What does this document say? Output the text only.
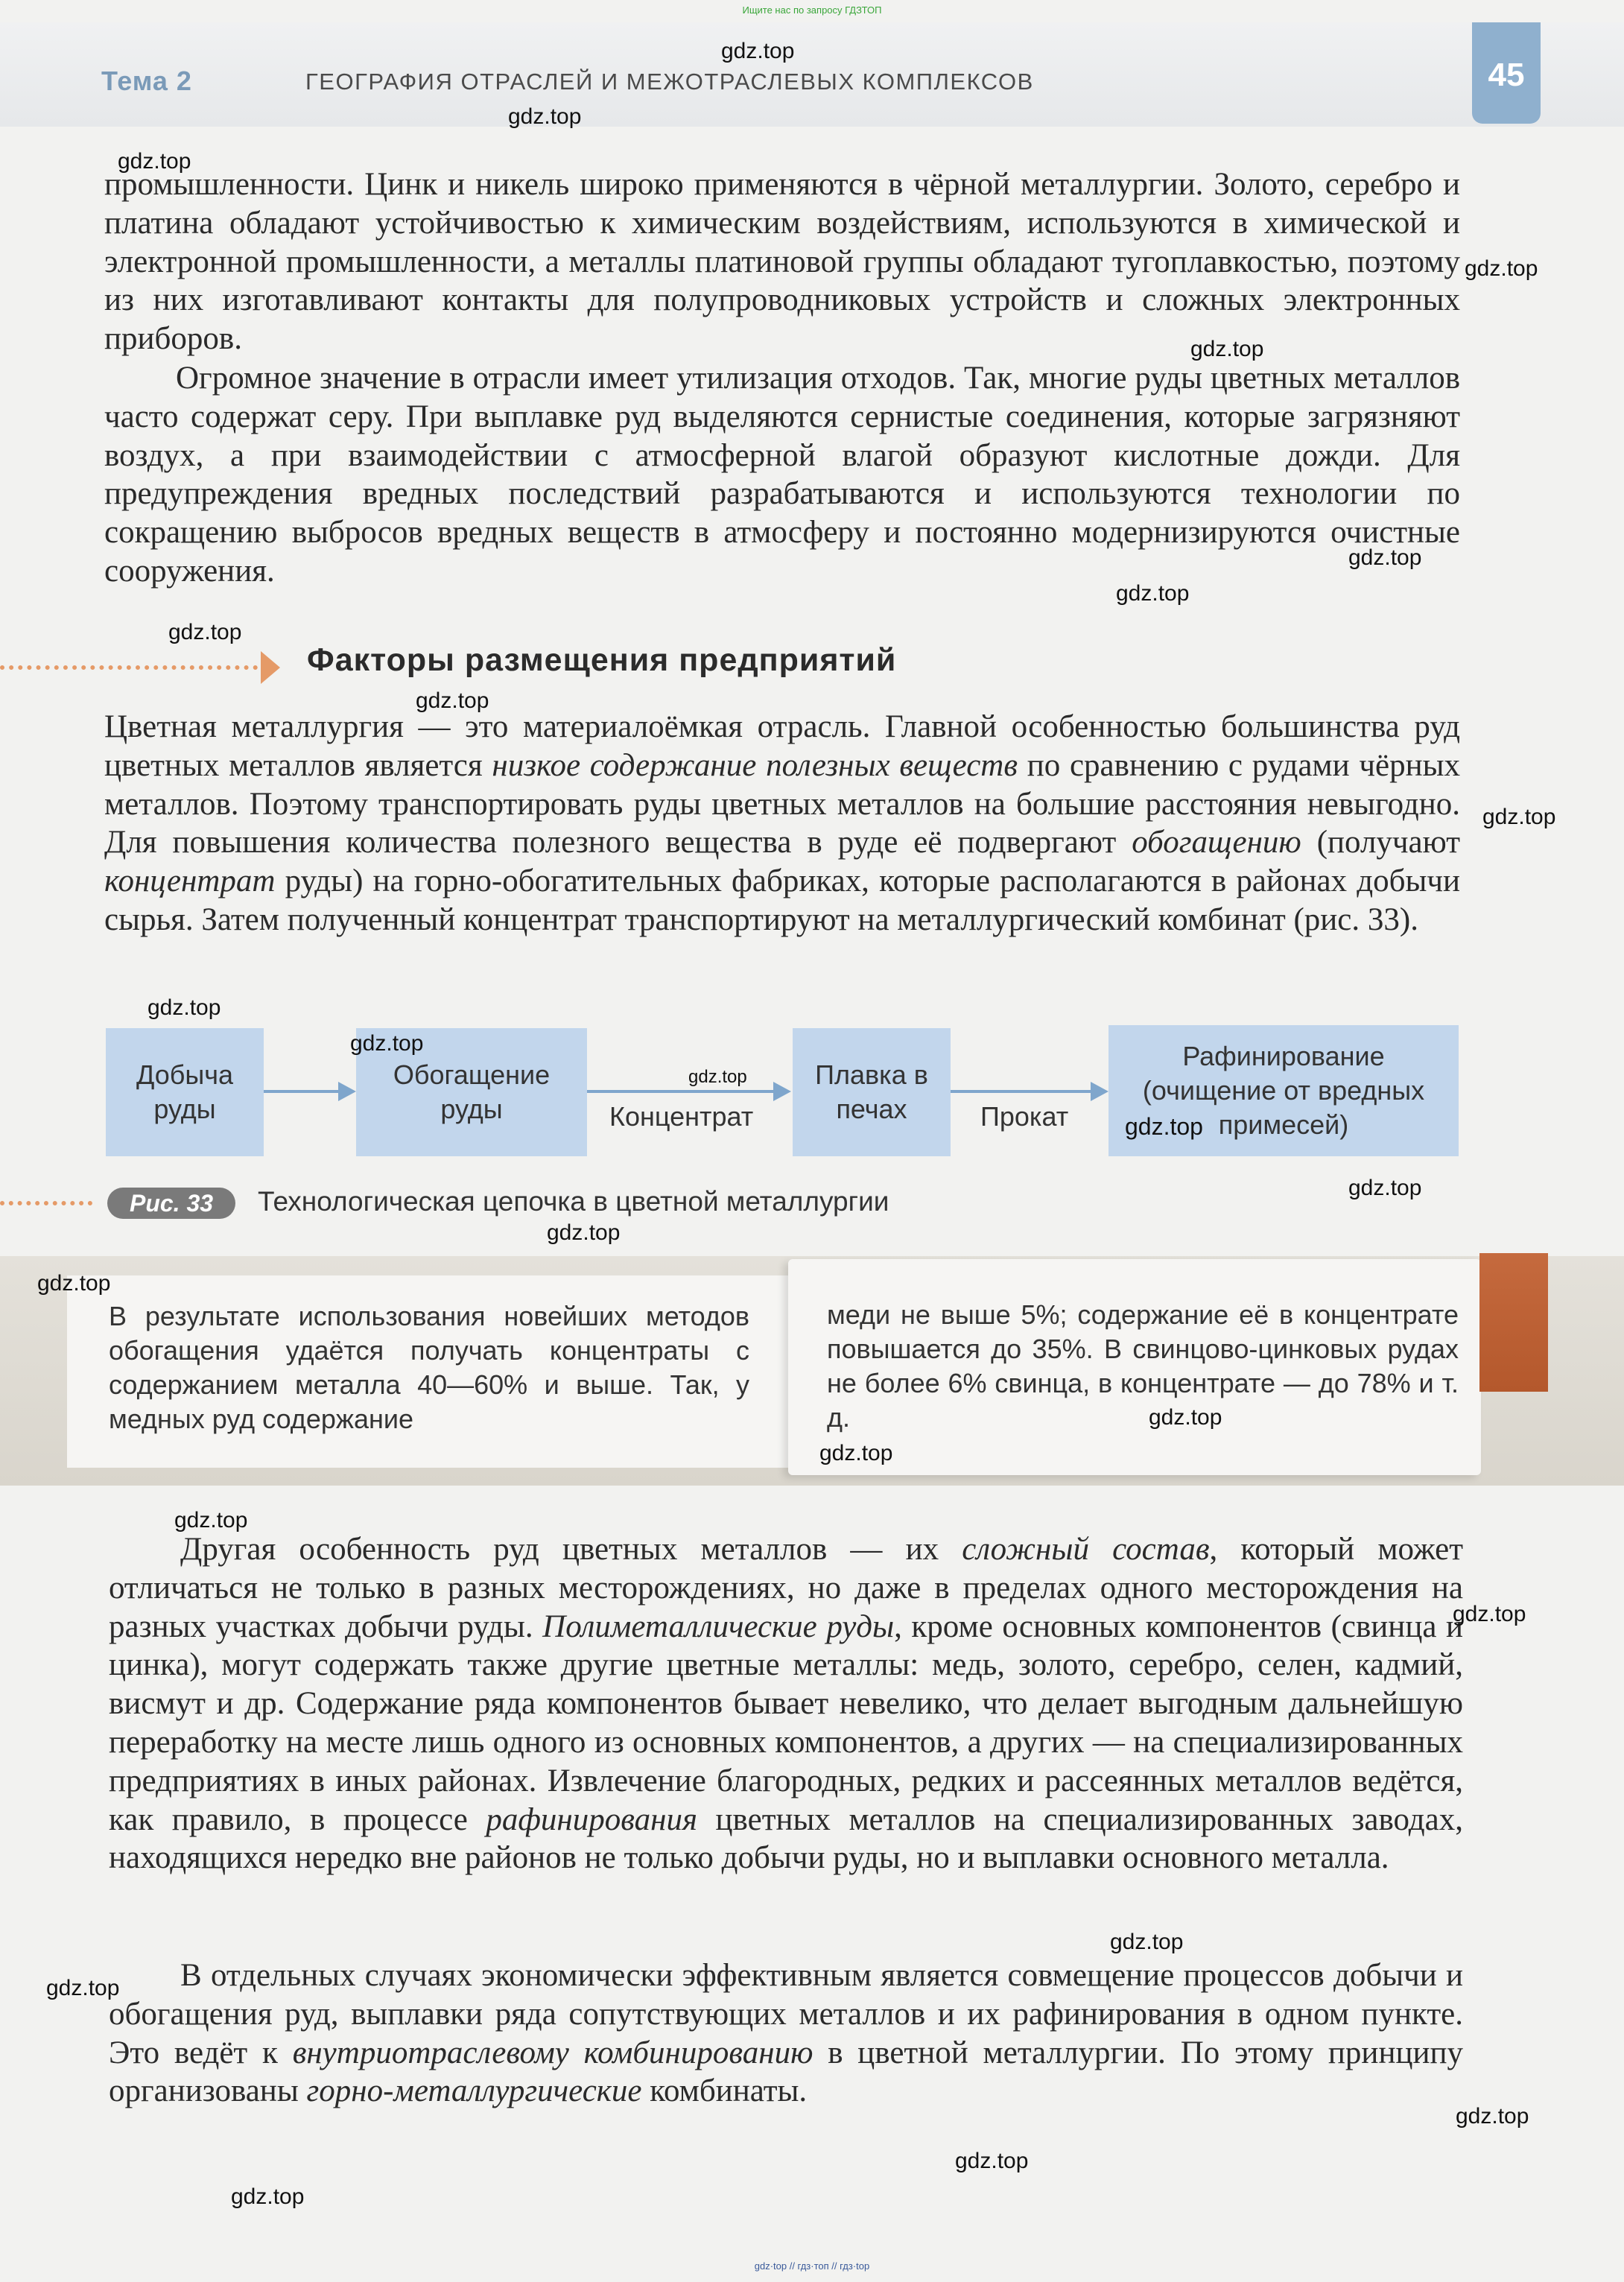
Ищите нас по запросу ГДЗТОП
Тема 2	ГЕОГРАФИЯ ОТРАСЛЕЙ И МЕЖОТРАСЛЕВЫХ КОМПЛЕКСОВ	45

промышленности. Цинк и никель широко применяются в чёрной металлургии. Золото, серебро и платина обладают устойчивостью к химическим воздействиям, используются в химической и электронной промышленности, а металлы платиновой группы обладают тугоплавкостью, поэтому из них изготавливают контакты для полупроводниковых устройств и сложных электронных приборов.

Огромное значение в отрасли имеет утилизация отходов. Так, многие руды цветных металлов часто содержат серу. При выплавке руд выделяются сернистые соединения, которые загрязняют воздух, а при взаимодействии с атмосферной влагой образуют кислотные дожди. Для предупреждения вредных последствий разрабатываются и используются технологии по сокращению выбросов вредных веществ в атмосферу и постоянно модернизируются очистные сооружения.

Факторы размещения предприятий

Цветная металлургия — это материалоёмкая отрасль. Главной особенностью большинства руд цветных металлов является низкое содержание полезных веществ по сравнению с рудами чёрных металлов. Поэтому транспортировать руды цветных металлов на большие расстояния невыгодно. Для повышения количества полезного вещества в руде её подвергают обогащению (получают концентрат руды) на горно-обогатительных фабриках, которые располагаются в районах добычи сырья. Затем полученный концентрат транспортируют на металлургический комбинат (рис. 33).

Добыча руды
Обогащение руды	Концентрат
Плавка в печах	Прокат
Рафинирование (очищение от вредных примесей)
Рис. 33	Технологическая цепочка в цветной металлургии

В результате использования новейших методов обогащения удаётся получать концентраты с содержанием металла 40—60% и выше. Так, у медных руд содержание

меди не выше 5%; содержание её в концентрате повышается до 35%. В свинцово-цинковых рудах не более 6% свинца, в концентрате — до 78% и т. д.

Другая особенность руд цветных металлов — их сложный состав, который может отличаться не только в разных месторождениях, но даже в пределах одного месторождения на разных участках добычи руды. Полиметаллические руды, кроме основных компонентов (свинца и цинка), могут содержать также другие цветные металлы: медь, золото, серебро, селен, кадмий, висмут и др. Содержание ряда компонентов бывает невелико, что делает выгодным дальнейшую переработку на месте лишь одного из основных компонентов, а других — на специализированных предприятиях в иных районах. Извлечение благородных, редких и рассеянных металлов ведётся, как правило, в процессе рафинирования цветных металлов на специализированных заводах, находящихся нередко вне районов не только добычи руды, но и выплавки основного металла.

В отдельных случаях экономически эффективным является совмещение процессов добычи и обогащения руд, выплавки ряда сопутствующих металлов и их рафинирования в одном пункте. Это ведёт к внутриотраслевому комбинированию в цветной металлургии. По этому принципу организованы горно-металлургические комбинаты.

gdz.top
gdz.top
gdz.top
gdz.top
gdz.top
gdz.top
gdz.top
gdz.top
gdz.top
gdz.top
gdz.top
gdz.top
gdz.top
gdz.top
gdz.top
gdz.top
gdz.top
gdz.top
gdz.top
gdz.top
gdz.top
gdz.top
gdz.top
gdz.top
gdz.top
gdz.top
gdz·top // гдз·топ // гдз·top
